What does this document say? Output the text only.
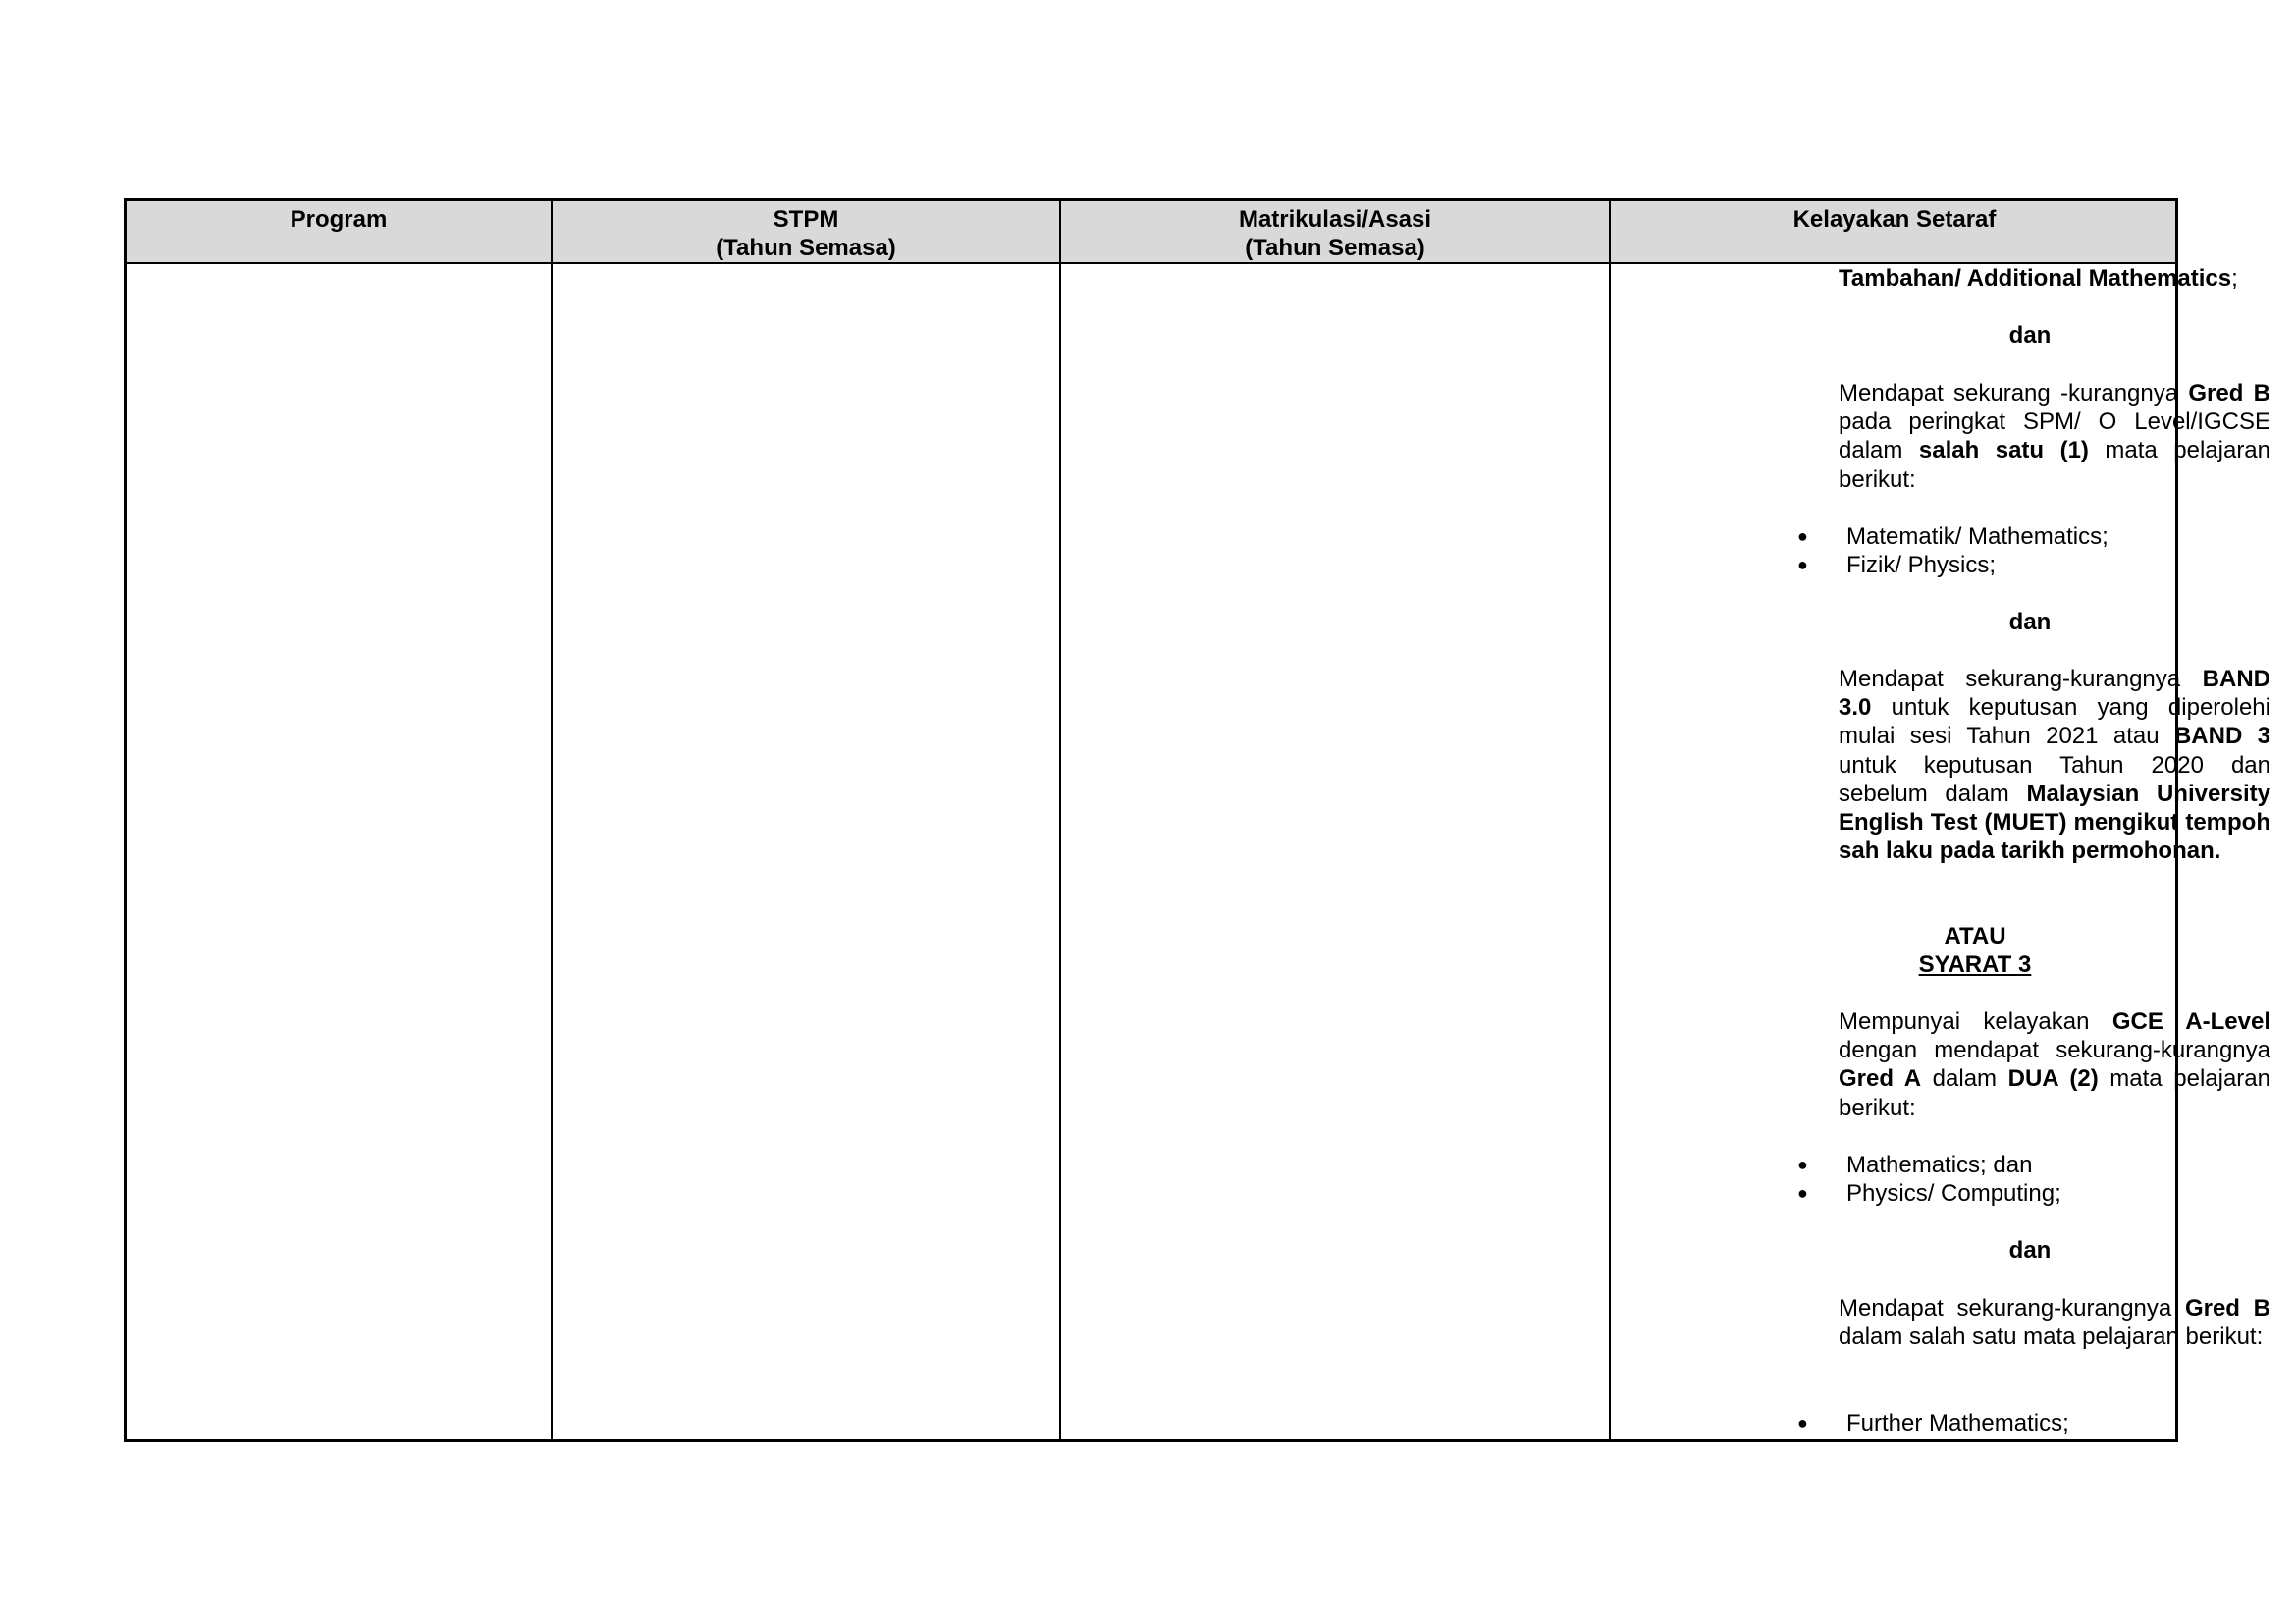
Program	STPM
(Tahun Semasa)
Matrikulasi/Asasi
(Tahun Semasa)
Kelayakan Setaraf
Tambahan/ Additional Mathematics;
dan
Mendapat sekurang -kurangnya Gred B pada peringkat SPM/ O Level/IGCSE dalam salah satu (1) mata pelajaran berikut:
● Matematik/ Mathematics;
● Fizik/ Physics;
dan
Mendapat sekurang-kurangnya BAND 3.0 untuk keputusan yang diperolehi mulai sesi Tahun 2021 atau BAND 3 untuk keputusan Tahun 2020 dan sebelum dalam Malaysian University English Test (MUET) mengikut tempoh sah laku pada tarikh permohonan.
ATAU
SYARAT 3
Mempunyai kelayakan GCE A-Level dengan mendapat sekurang-kurangnya Gred A dalam DUA (2) mata pelajaran berikut:
● Mathematics; dan
● Physics/ Computing;
dan
Mendapat sekurang-kurangnya Gred B dalam salah satu mata pelajaran berikut:
● Further Mathematics;
